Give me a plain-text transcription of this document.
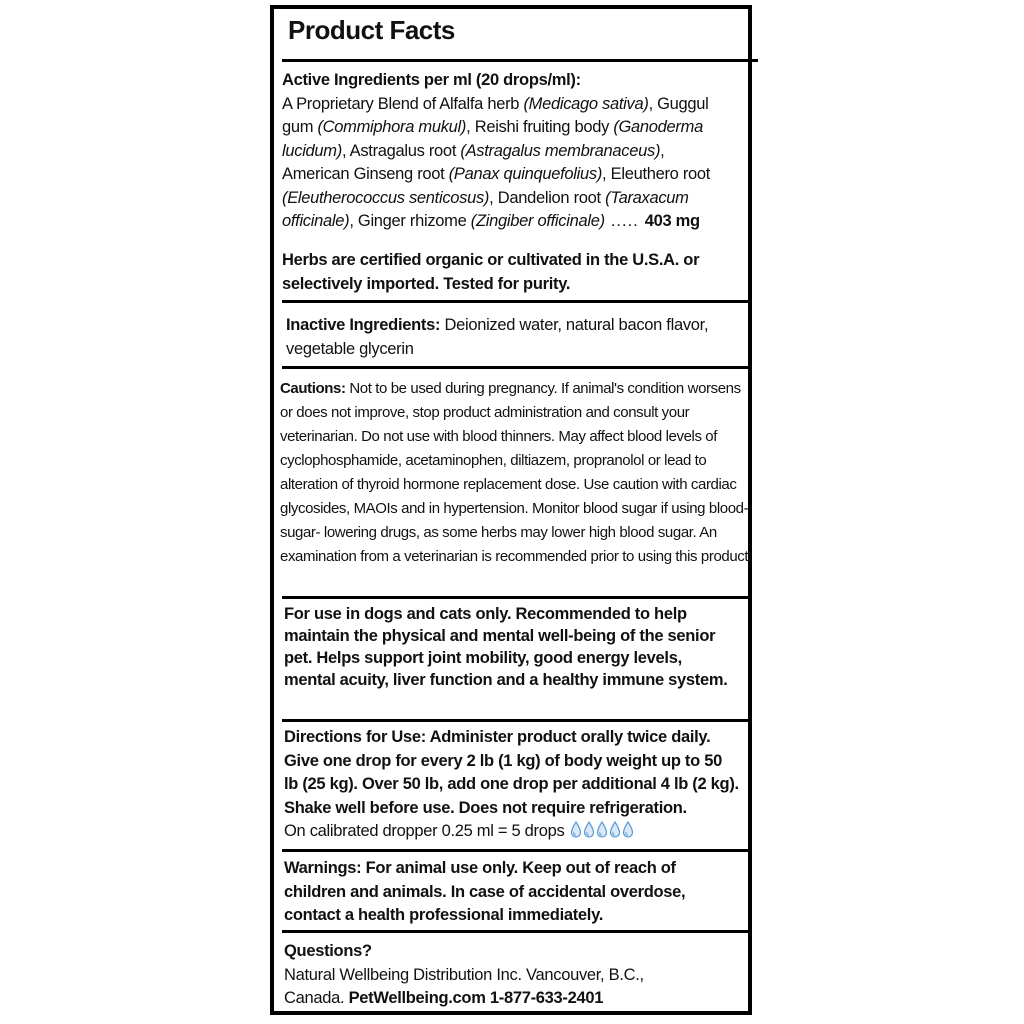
Product Facts

Active Ingredients per ml (20 drops/ml):

A Proprietary Blend of Alfalfa herb (Medicago sativa), Guggul gum (Commiphora mukul), Reishi fruiting body (Ganoderma lucidum), Astragalus root (Astragalus membranaceus), American Ginseng root (Panax quinquefolius), Eleuthero root (Eleutherococcus senticosus), Dandelion root (Taraxacum officinale), Ginger rhizome (Zingiber officinale) ..... 403 mg

Herbs are certified organic or cultivated in the U.S.A. or selectively imported. Tested for purity.

Inactive Ingredients: Deionized water, natural bacon flavor, vegetable glycerin

Cautions: Not to be used during pregnancy. If animal's condition worsens or does not improve, stop product administration and consult your veterinarian. Do not use with blood thinners. May affect blood levels of cyclophosphamide, acetaminophen, diltiazem, propranolol or lead to alteration of thyroid hormone replacement dose. Use caution with cardiac glycosides, MAOIs and in hypertension. Monitor blood sugar if using blood-sugar- lowering drugs, as some herbs may lower high blood sugar. An examination from a veterinarian is recommended prior to using this product.

For use in dogs and cats only. Recommended to help maintain the physical and mental well-being of the senior pet. Helps support joint mobility, good energy levels, mental acuity, liver function and a healthy immune system.

Directions for Use: Administer product orally twice daily. Give one drop for every 2 lb (1 kg) of body weight up to 50 lb (25 kg). Over 50 lb, add one drop per additional 4 lb (2 kg). Shake well before use. Does not require refrigeration.

On calibrated dropper 0.25 ml = 5 drops

Warnings: For animal use only. Keep out of reach of children and animals. In case of accidental overdose, contact a health professional immediately.

Questions?

Natural Wellbeing Distribution Inc. Vancouver, B.C.,

Canada. PetWellbeing.com 1-877-633-2401
